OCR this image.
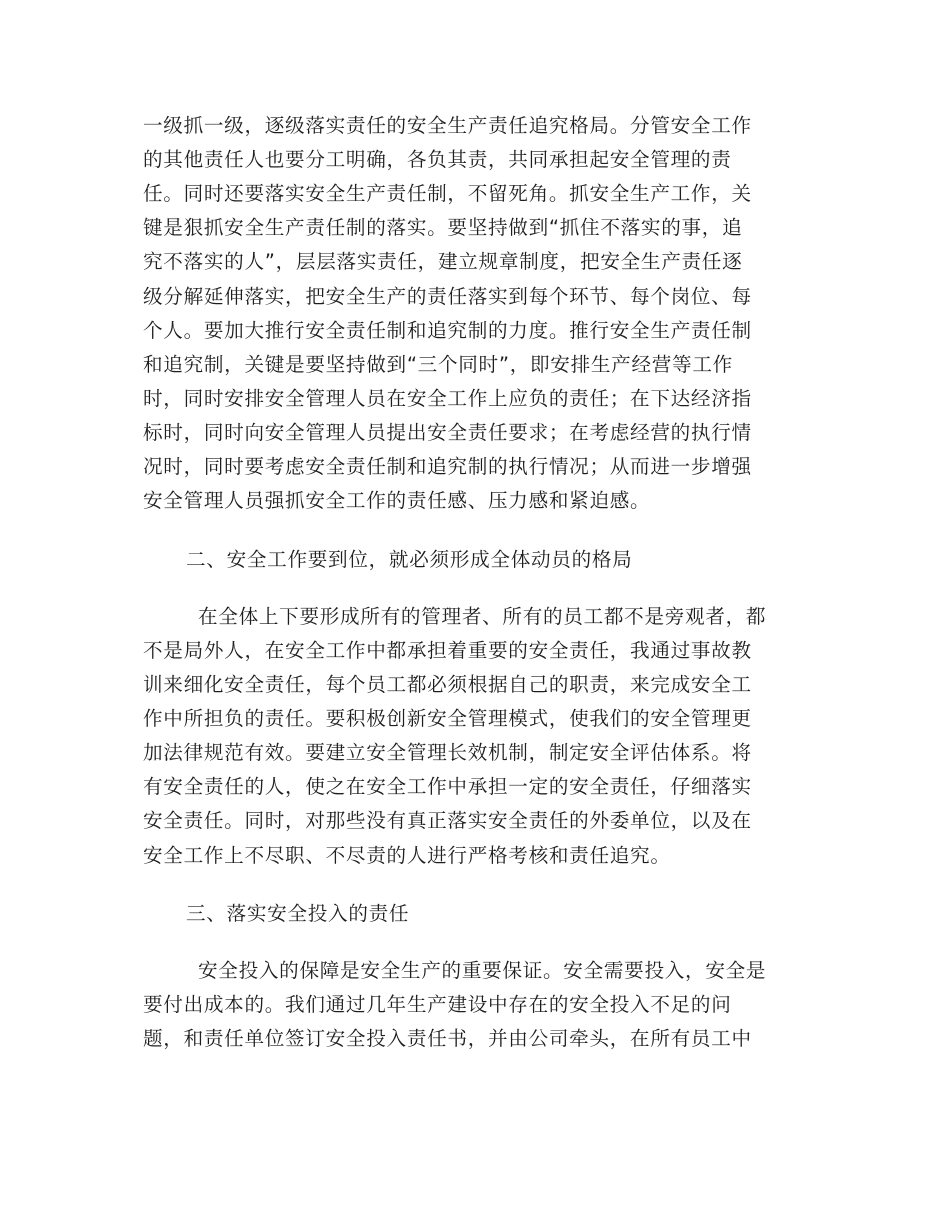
一级抓一级，逐级落实责任的安全生产责任追究格局。分管安全工作

的其他责任人也要分工明确，各负其责，共同承担起安全管理的责

任。同时还要落实安全生产责任制，不留死角。抓安全生产工作，关

键是狠抓安全生产责任制的落实。要坚持做到“抓住不落实的事，追

究不落实的人”，层层落实责任，建立规章制度，把安全生产责任逐

级分解延伸落实，把安全生产的责任落实到每个环节、每个岗位、每

个人。要加大推行安全责任制和追究制的力度。推行安全生产责任制

和追究制，关键是要坚持做到“三个同时”，即安排生产经营等工作

时，同时安排安全管理人员在安全工作上应负的责任；在下达经济指

标时，同时向安全管理人员提出安全责任要求；在考虑经营的执行情

况时，同时要考虑安全责任制和追究制的执行情况；从而进一步增强

安全管理人员强抓安全工作的责任感、压力感和紧迫感。

二、安全工作要到位，就必须形成全体动员的格局

在全体上下要形成所有的管理者、所有的员工都不是旁观者，都

不是局外人，在安全工作中都承担着重要的安全责任，我通过事故教

训来细化安全责任，每个员工都必须根据自己的职责，来完成安全工

作中所担负的责任。要积极创新安全管理模式，使我们的安全管理更

加法律规范有效。要建立安全管理长效机制，制定安全评估体系。将

有安全责任的人，使之在安全工作中承担一定的安全责任，仔细落实

安全责任。同时，对那些没有真正落实安全责任的外委单位，以及在

安全工作上不尽职、不尽责的人进行严格考核和责任追究。

三、落实安全投入的责任

安全投入的保障是安全生产的重要保证。安全需要投入，安全是

要付出成本的。我们通过几年生产建设中存在的安全投入不足的问

题，和责任单位签订安全投入责任书，并由公司牵头，在所有员工中
